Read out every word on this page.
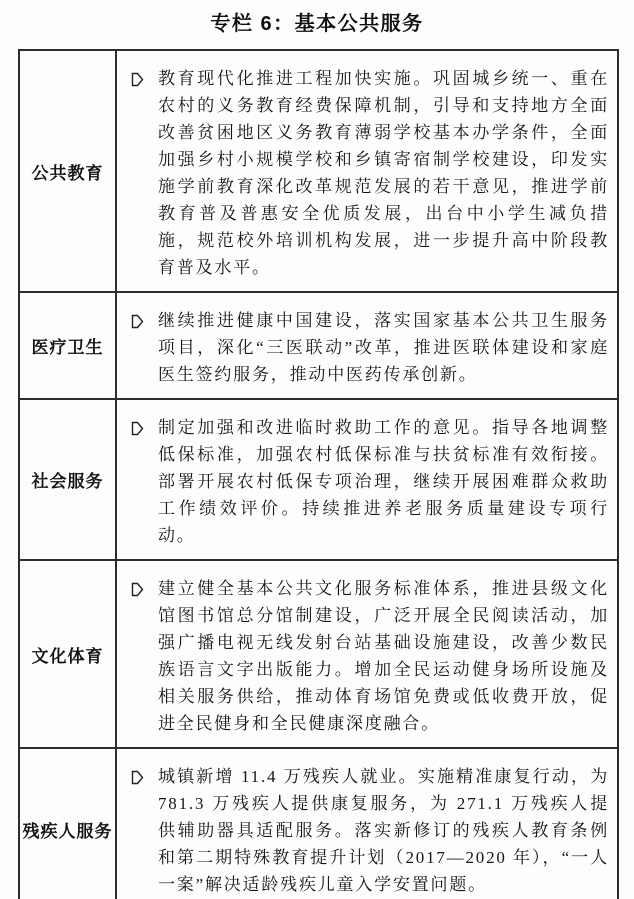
专栏 6：基本公共服务
公共教育

教育现代化推进工程加快实施。巩固城乡统一、重在农村的义务教育经费保障机制，引导和支持地方全面改善贫困地区义务教育薄弱学校基本办学条件，全面加强乡村小规模学校和乡镇寄宿制学校建设，印发实施学前教育深化改革规范发展的若干意见，推进学前教育普及普惠安全优质发展，出台中小学生减负措施，规范校外培训机构发展，进一步提升高中阶段教育普及水平。

医疗卫生

继续推进健康中国建设，落实国家基本公共卫生服务项目，深化“三医联动”改革，推进医联体建设和家庭医生签约服务，推动中医药传承创新。

社会服务

制定加强和改进临时救助工作的意见。指导各地调整低保标准，加强农村低保标准与扶贫标准有效衔接。部署开展农村低保专项治理，继续开展困难群众救助工作绩效评价。持续推进养老服务质量建设专项行动。

文化体育

建立健全基本公共文化服务标准体系，推进县级文化馆图书馆总分馆制建设，广泛开展全民阅读活动，加强广播电视无线发射台站基础设施建设，改善少数民族语言文字出版能力。增加全民运动健身场所设施及相关服务供给，推动体育场馆免费或低收费开放，促进全民健身和全民健康深度融合。

残疾人服务

城镇新增 11.4 万残疾人就业。实施精准康复行动，为 781.3 万残疾人提供康复服务，为 271.1 万残疾人提供辅助器具适配服务。落实新修订的残疾人教育条例和第二期特殊教育提升计划（2017—2020 年），“一人一案”解决适龄残疾儿童入学安置问题。
